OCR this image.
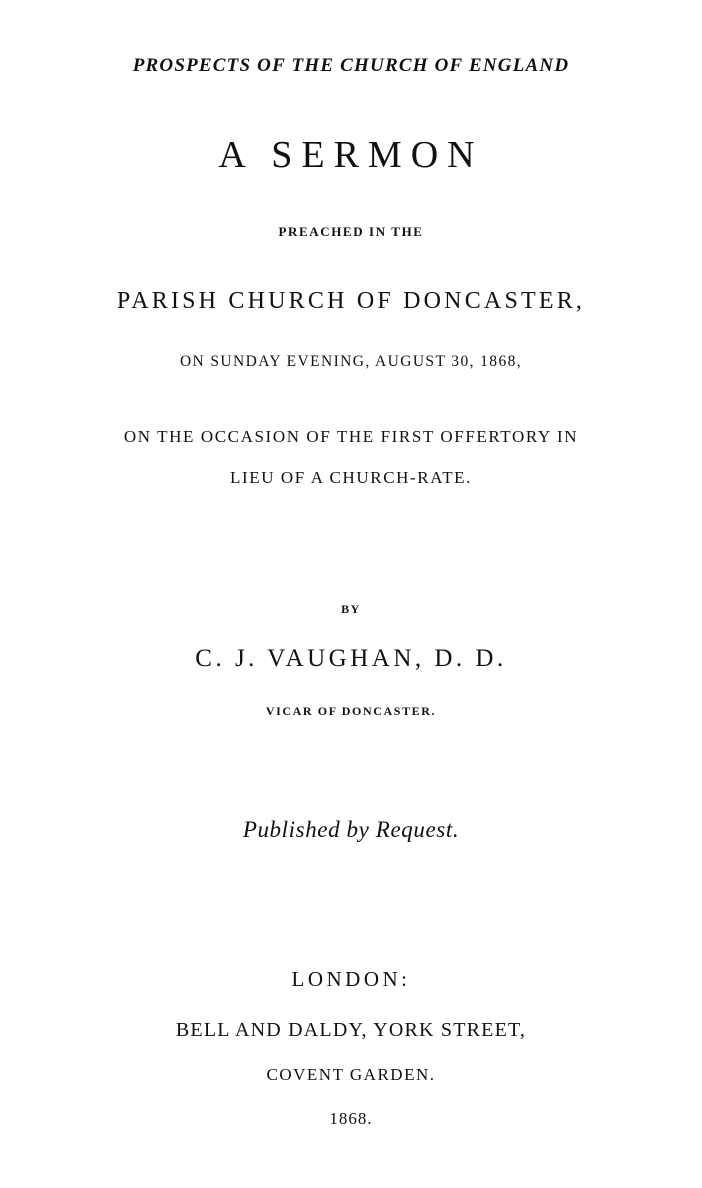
PROSPECTS OF THE CHURCH OF ENGLAND
A SERMON
PREACHED IN THE
PARISH CHURCH OF DONCASTER,
ON SUNDAY EVENING, AUGUST 30, 1868,
ON THE OCCASION OF THE FIRST OFFERTORY IN
LIEU OF A CHURCH-RATE.
BY
C. J. VAUGHAN, D. D.
VICAR OF DONCASTER.
Published by Request.
LONDON:
BELL AND DALDY, YORK STREET,
COVENT GARDEN.
1868.
